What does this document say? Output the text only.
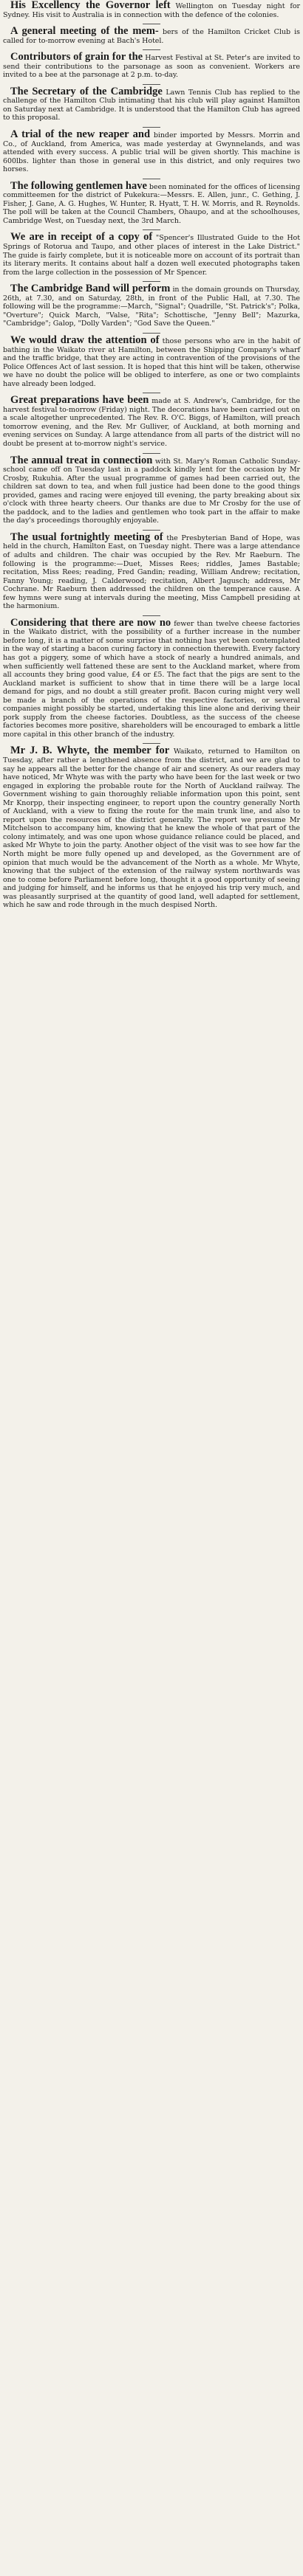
His Excellency the Governor left Wellington on Tuesday night for Sydney. His visit to Australia is in connection with the defence of the colonies.

A general meeting of the mem- bers of the Hamilton Cricket Club is called for to-morrow evening at Bach's Hotel.

Contributors of grain for the Harvest Festival at St. Peter's are invited to send their contributions to the parsonage as soon as convenient. Workers are invited to a bee at the parsonage at 2 p.m. to-day.

The Secretary of the Cambridge Lawn Tennis Club has replied to the challenge of the Hamilton Club intimating that his club will play against Hamilton on Saturday next at Cambridge. It is understood that the Hamilton Club has agreed to this proposal.

A trial of the new reaper and binder imported by Messrs. Morrin and Co., of Auckland, from America, was made yesterday at Gwynnelands, and was attended with every success. A public trial will be given shortly. This machine is 600lbs. lighter than those in general use in this district, and only requires two horses.

The following gentlemen have been nominated for the offices of licensing committeemen for the district of Pukekura:—Messrs. E. Allen, junr., C. Gething, J. Fisher, J. Gane, A. G. Hughes, W. Hunter, R. Hyatt, T. H. W. Morris, and R. Reynolds. The poll will be taken at the Council Chambers, Ohaupo, and at the schoolhouses, Cambridge West, on Tuesday next, the 3rd March.

We are in receipt of a copy of "Spencer's Illustrated Guide to the Hot Springs of Rotorua and Taupo, and other places of interest in the Lake District." The guide is fairly complete, but it is noticeable more on account of its portrait than its literary merits. It contains about half a dozen well executed photographs taken from the large collection in the possession of Mr Spencer.

The Cambridge Band will perform in the domain grounds on Thursday, 26th, at 7.30, and on Saturday, 28th, in front of the Public Hall, at 7.30. The following will be the programme:—March, "Signal"; Quadrille, "St. Patrick's"; Polka, "Overture"; Quick March, "Valse, "Rita"; Schottische, "Jenny Bell"; Mazurka, "Cambridge"; Galop, "Dolly Varden"; "God Save the Queen."

We would draw the attention of those persons who are in the habit of bathing in the Waikato river at Hamilton, between the Shipping Company's wharf and the traffic bridge, that they are acting in contravention of the provisions of the Police Offences Act of last session. It is hoped that this hint will be taken, otherwise we have no doubt the police will be obliged to interfere, as one or two complaints have already been lodged.

Great preparations have been made at S. Andrew's, Cambridge, for the harvest festival to-morrow (Friday) night. The decorations have been carried out on a scale altogether unprecedented. The Rev. R. O'C. Biggs, of Hamilton, will preach tomorrow evening, and the Rev. Mr Gulliver, of Auckland, at both morning and evening services on Sunday. A large attendance from all parts of the district will no doubt be present at to-morrow night's service.

The annual treat in connection with St. Mary's Roman Catholic Sunday-school came off on Tuesday last in a paddock kindly lent for the occasion by Mr Crosby, Rukuhia. After the usual programme of games had been carried out, the children sat down to tea, and when full justice had been done to the good things provided, games and racing were enjoyed till evening, the party breaking about six o'clock with three hearty cheers. Our thanks are due to Mr Crosby for the use of the paddock, and to the ladies and gentlemen who took part in the affair to make the day's proceedings thoroughly enjoyable.

The usual fortnightly meeting of the Presbyterian Band of Hope, was held in the church, Hamilton East, on Tuesday night. There was a large attendance of adults and children. The chair was occupied by the Rev. Mr Raeburn. The following is the programme:—Duet, Misses Rees; riddles, James Bastable; recitation, Miss Rees; reading, Fred Gandin; reading, William Andrew; recitation, Fanny Young; reading, J. Calderwood; recitation, Albert Jagusch; address, Mr Cochrane. Mr Raeburn then addressed the children on the temperance cause. A few hymns were sung at intervals during the meeting, Miss Campbell presiding at the harmonium.

Considering that there are now no fewer than twelve cheese factories in the Waikato district, with the possibility of a further increase in the number before long, it is a matter of some surprise that nothing has yet been contemplated in the way of starting a bacon curing factory in connection therewith. Every factory has got a piggery, some of which have a stock of nearly a hundred animals, and when sufficiently well fattened these are sent to the Auckland market, where from all accounts they bring good value, £4 or £5. The fact that the pigs are sent to the Auckland market is sufficient to show that in time there will be a large local demand for pigs, and no doubt a still greater profit. Bacon curing might very well be made a branch of the operations of the respective factories, or several companies might possibly be started, undertaking this line alone and deriving their pork supply from the cheese factories. Doubtless, as the success of the cheese factories becomes more positive, shareholders will be encouraged to embark a little more capital in this other branch of the industry.

Mr J. B. Whyte, the member for Waikato, returned to Hamilton on Tuesday, after rather a lengthened absence from the district, and we are glad to say he appears all the better for the change of air and scenery. As our readers may have noticed, Mr Whyte was with the party who have been for the last week or two engaged in exploring the probable route for the North of Auckland railway. The Government wishing to gain thoroughly reliable information upon this point, sent Mr Knorpp, their inspecting engineer, to report upon the country generally North of Auckland, with a view to fixing the route for the main trunk line, and also to report upon the resources of the district generally. The report we presume Mr Mitchelson to accompany him, knowing that he knew the whole of that part of the colony intimately, and was one upon whose guidance reliance could be placed, and asked Mr Whyte to join the party. Another object of the visit was to see how far the North might be more fully opened up and developed, as the Government are of opinion that much would be the advancement of the North as a whole. Mr Whyte, knowing that the subject of the extension of the railway system northwards was one to come before Parliament before long, thought it a good opportunity of seeing and judging for himself, and he informs us that he enjoyed his trip very much, and was pleasantly surprised at the quantity of good land, well adapted for settlement, which he saw and rode through in the much despised North.
